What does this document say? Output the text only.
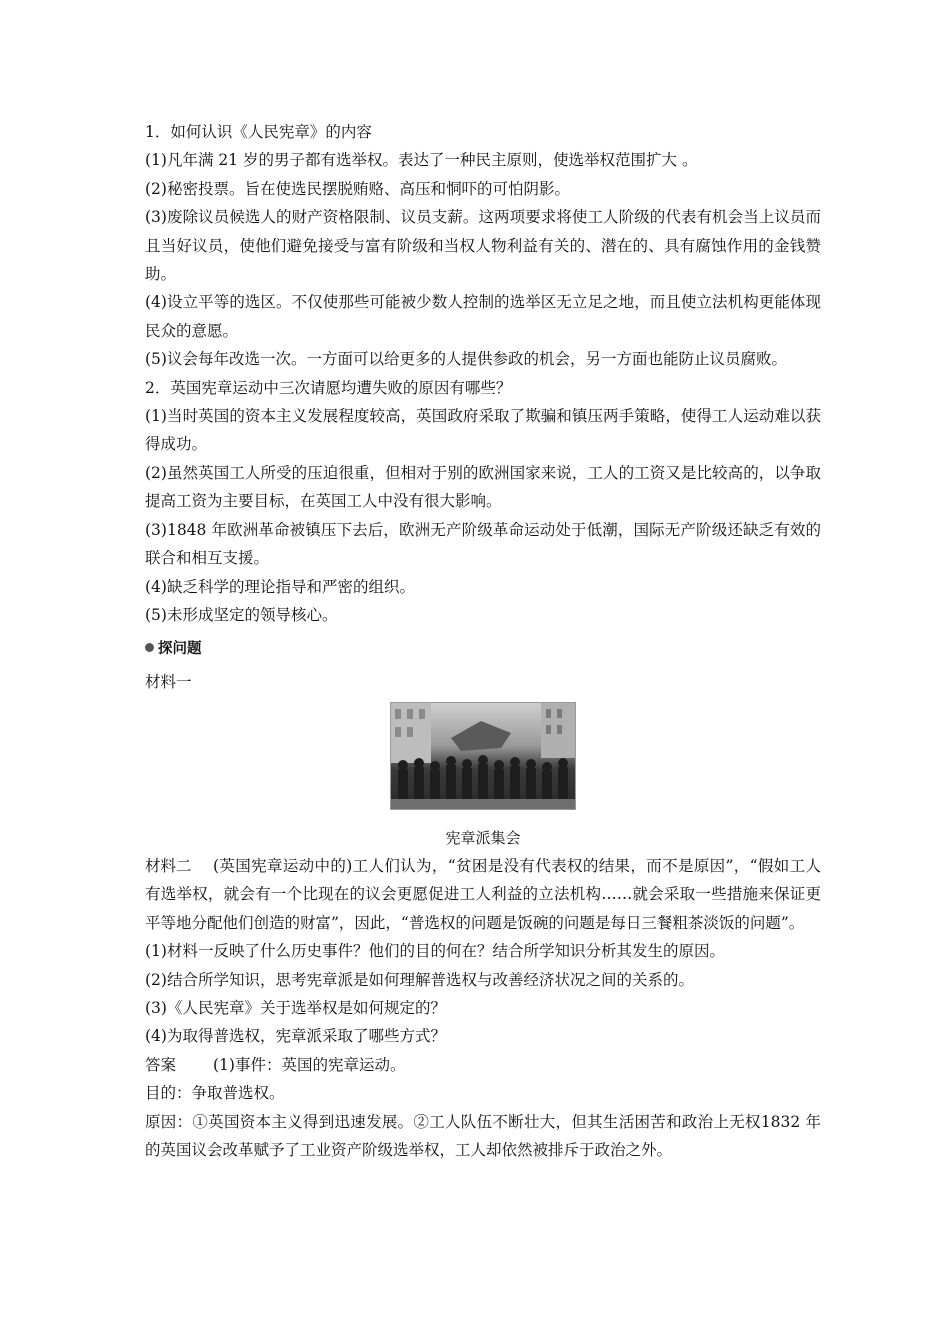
1．如何认识《人民宪章》的内容
(1)凡年满 21 岁的男子都有选举权。表达了一种民主原则，使选举权范围扩大 。
(2)秘密投票。旨在使选民摆脱贿赂、高压和恫吓的可怕阴影。
(3)废除议员候选人的财产资格限制、议员支薪。这两项要求将使工人阶级的代表有机会当上议员而且当好议员，使他们避免接受与富有阶级和当权人物利益有关的、潜在的、具有腐蚀作用的金钱赞助。
(4)设立平等的选区。不仅使那些可能被少数人控制的选举区无立足之地，而且使立法机构更能体现民众的意愿。
(5)议会每年改选一次。一方面可以给更多的人提供参政的机会，另一方面也能防止议员腐败。
2．英国宪章运动中三次请愿均遭失败的原因有哪些？
(1)当时英国的资本主义发展程度较高，英国政府采取了欺骗和镇压两手策略，使得工人运动难以获得成功。
(2)虽然英国工人所受的压迫很重，但相对于别的欧洲国家来说，工人的工资又是比较高的，以争取提高工资为主要目标，在英国工人中没有很大影响。
(3)1848 年欧洲革命被镇压下去后，欧洲无产阶级革命运动处于低潮，国际无产阶级还缺乏有效的联合和相互支援。
(4)缺乏科学的理论指导和严密的组织。
(5)未形成坚定的领导核心。
探问题
材料一
宪章派集会
材料二 (英国宪章运动中的)工人们认为，“贫困是没有代表权的结果，而不是原因”，“假如工人有选举权，就会有一个比现在的议会更愿促进工人利益的立法机构……就会采取一些措施来保证更平等地分配他们创造的财富”，因此，“普选权的问题是饭碗的问题是每日三餐粗茶淡饭的问题”。
(1)材料一反映了什么历史事件？他们的目的何在？结合所学知识分析其发生的原因。
(2)结合所学知识，思考宪章派是如何理解普选权与改善经济状况之间的关系的。
(3)《人民宪章》关于选举权是如何规定的？
(4)为取得普选权，宪章派采取了哪些方式？
答案 (1)事件：英国的宪章运动。
目的：争取普选权。
原因：①英国资本主义得到迅速发展。②工人队伍不断壮大，但其生活困苦和政治上无权1832 年的英国议会改革赋予了工业资产阶级选举权，工人却依然被排斥于政治之外。
